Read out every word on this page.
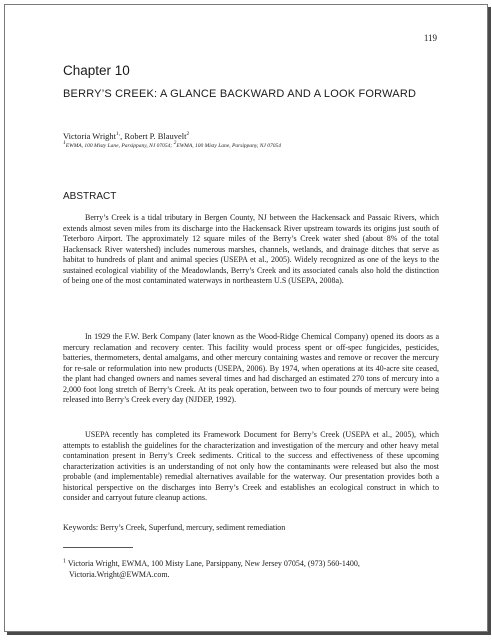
119
Chapter 10
BERRY’S CREEK: A GLANCE BACKWARD AND A LOOK FORWARD
Victoria Wright$^{1,}$, Robert P. Blauvelt$^2$
$^1$EWMA, 100 Misty Lane, Parsippany, NJ 07054; $^2$EWMA, 100 Misty Lane, Parsippany, NJ 07054
ABSTRACT

Berry’s Creek is a tidal tributary in Bergen County, NJ between the Hackensack and Passaic Rivers, which extends almost seven miles from its discharge into the Hackensack River upstream towards its origins just south of Teterboro Airport. The approximately 12 square miles of the Berry’s Creek water shed (about 8% of the total Hackensack River watershed) includes numerous marshes, channels, wetlands, and drainage ditches that serve as habitat to hundreds of plant and animal species (USEPA et al., 2005). Widely recognized as one of the keys to the sustained ecological viability of the Meadowlands, Berry’s Creek and its associated canals also hold the distinction of being one of the most contaminated waterways in northeastern U.S (USEPA, 2008a).

In 1929 the F.W. Berk Company (later known as the Wood-Ridge Chemical Company) opened its doors as a mercury reclamation and recovery center. This facility would process spent or off-spec fungicides, pesticides, batteries, thermometers, dental amalgams, and other mercury containing wastes and remove or recover the mercury for re-sale or reformulation into new products (USEPA, 2006). By 1974, when operations at its 40-acre site ceased, the plant had changed owners and names several times and had discharged an estimated 270 tons of mercury into a 2,000 foot long stretch of Berry’s Creek. At its peak operation, between two to four pounds of mercury were being released into Berry’s Creek every day (NJDEP, 1992).

USEPA recently has completed its Framework Document for Berry’s Creek (USEPA et al., 2005), which attempts to establish the guidelines for the characterization and investigation of the mercury and other heavy metal contamination present in Berry’s Creek sediments. Critical to the success and effectiveness of these upcoming characterization activities is an understanding of not only how the contaminants were released but also the most probable (and implementable) remedial alternatives available for the waterway. Our presentation provides both a historical perspective on the discharges into Berry’s Creek and establishes an ecological construct in which to consider and carryout future cleanup actions.

Keywords: Berry’s Creek, Superfund, mercury, sediment remediation
$^1$ Victoria Wright, EWMA, 100 Misty Lane, Parsippany, New Jersey 07054, (973) 560-1400,
Victoria.Wright@EWMA.com.
